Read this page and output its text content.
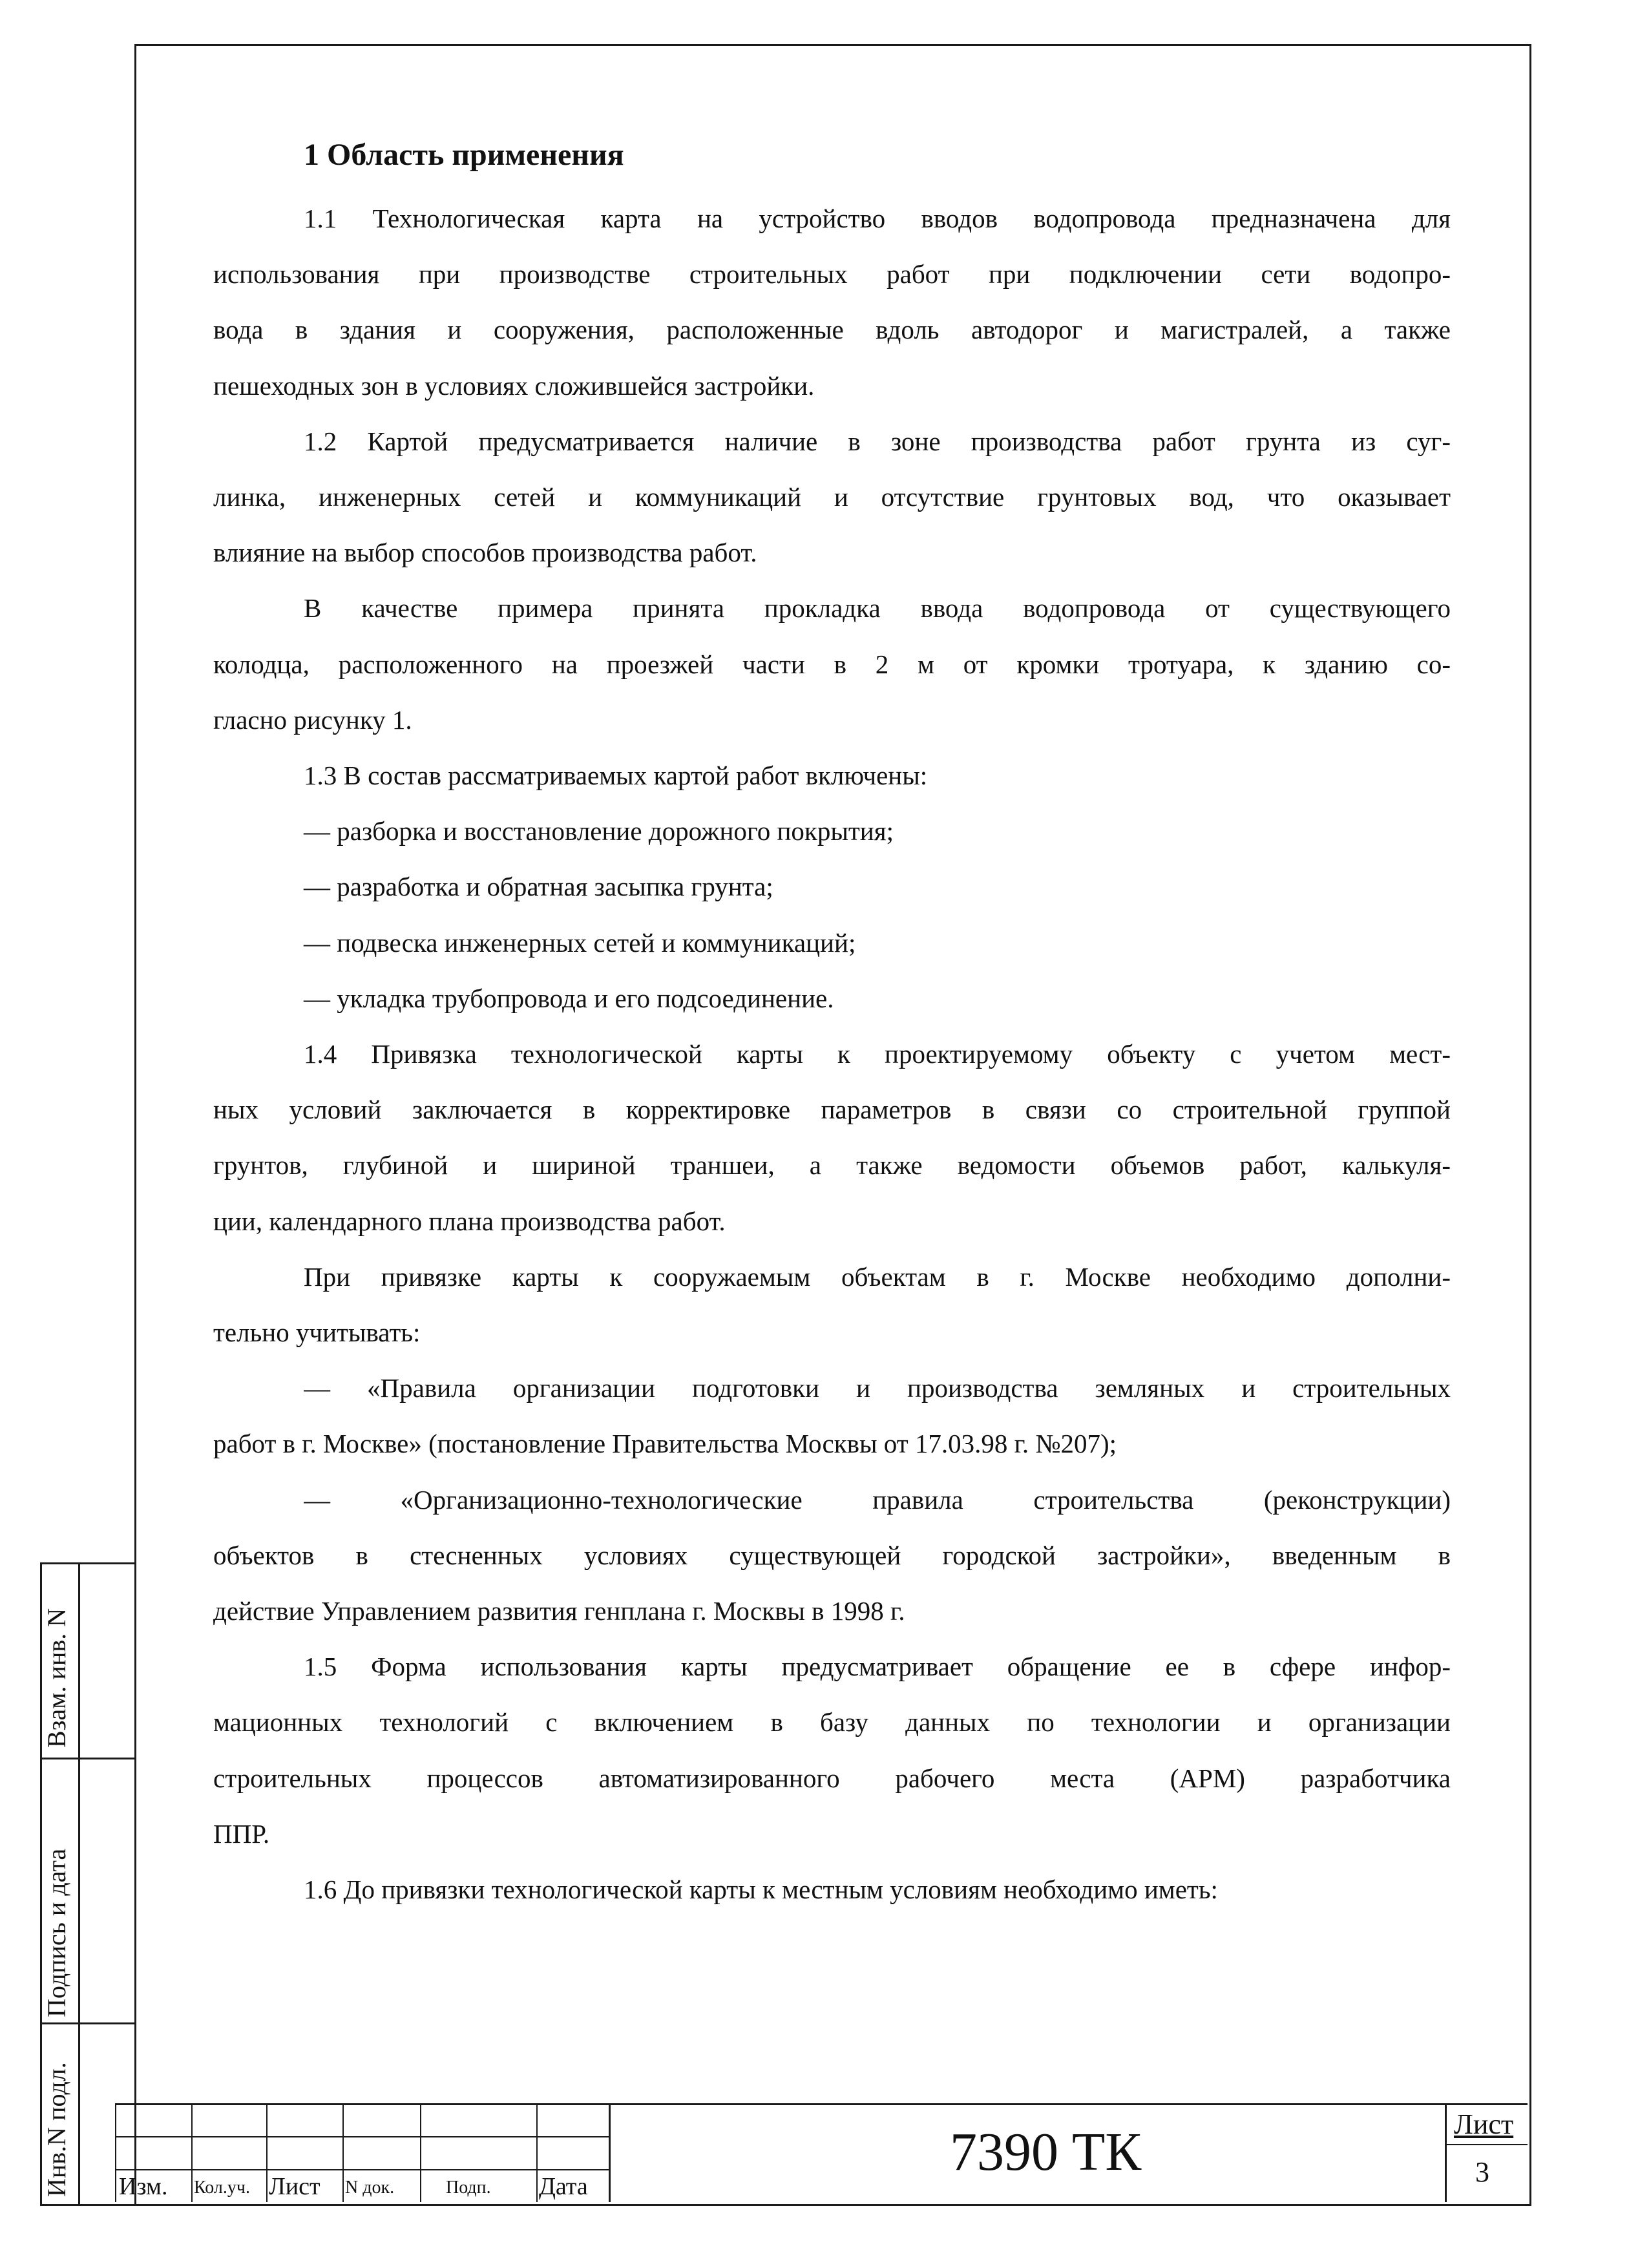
1 Область применения
1.1 Технологическая карта на устройство вводов водопровода предназначена для
использования при производстве строительных работ при подключении сети водопро-
вода в здания и сооружения, расположенные вдоль автодорог и магистралей, а также
пешеходных зон в условиях сложившейся застройки.
1.2 Картой предусматривается наличие в зоне производства работ грунта из суг-
линка, инженерных сетей и коммуникаций и отсутствие грунтовых вод, что оказывает
влияние на выбор способов производства работ.
В качестве примера принята прокладка ввода водопровода от существующего
колодца, расположенного на проезжей части в 2 м от кромки тротуара, к зданию со-
гласно рисунку 1.
1.3 В состав рассматриваемых картой работ включены:
— разборка и восстановление дорожного покрытия;
— разработка и обратная засыпка грунта;
— подвеска инженерных сетей и коммуникаций;
— укладка трубопровода и его подсоединение.
1.4 Привязка технологической карты к проектируемому объекту с учетом мест-
ных условий заключается в корректировке параметров в связи со строительной группой
грунтов, глубиной и шириной траншеи, а также ведомости объемов работ, калькуля-
ции, календарного плана производства работ.
При привязке карты к сооружаемым объектам в г. Москве необходимо дополни-
тельно учитывать:
— «Правила организации подготовки и производства земляных и строительных
работ в г. Москве» (постановление Правительства Москвы от 17.03.98 г. №207);
— «Организационно-технологические правила строительства (реконструкции)
объектов в стесненных условиях существующей городской застройки», введенным в
действие Управлением развития генплана г. Москвы в 1998 г.
1.5 Форма использования карты предусматривает обращение ее в сфере инфор-
мационных технологий с включением в базу данных по технологии и организации
строительных процессов автоматизированного рабочего места (АРМ) разработчика
ППР.
1.6 До привязки технологической карты к местным условиям необходимо иметь:
Взам. инв. N
Подпись и дата
Инв.N подл. Изм. Кол.уч. Лист N док.	Подп. Дата
7390 ТК	Лист
3
